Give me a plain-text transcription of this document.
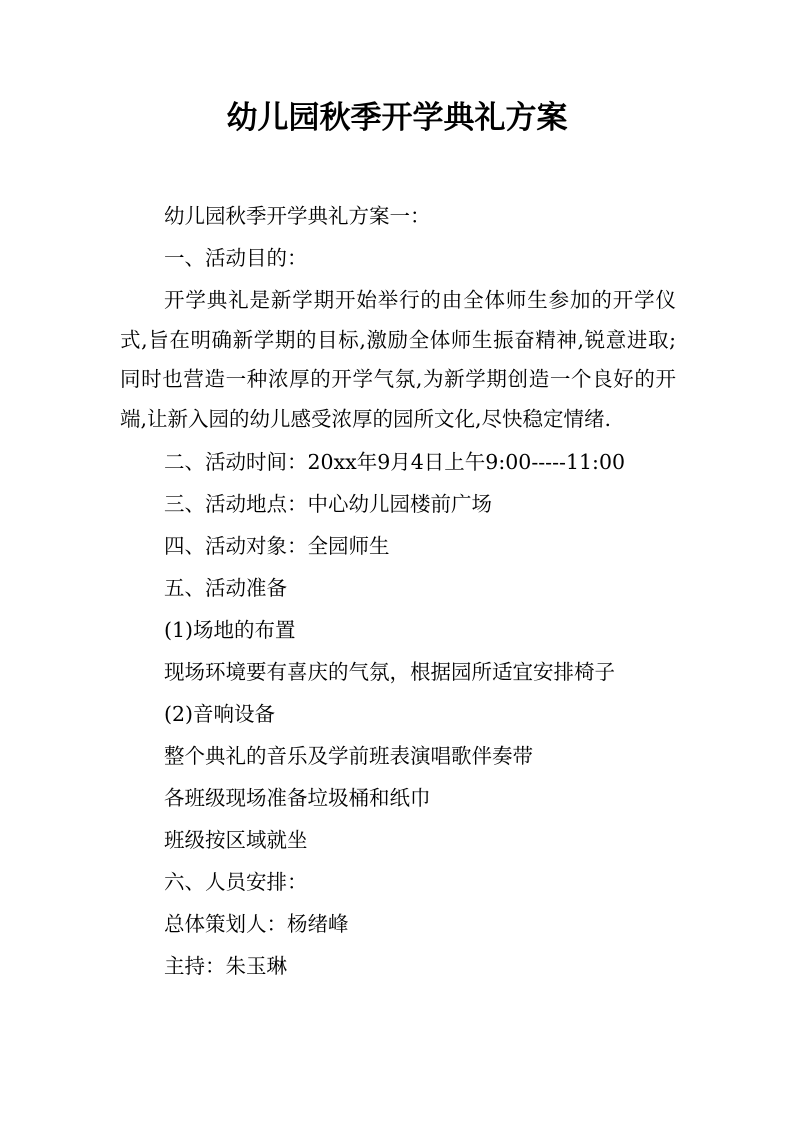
幼儿园秋季开学典礼方案

幼儿园秋季开学典礼方案一：

一、活动目的：

开学典礼是新学期开始举行的由全体师生参加的开学仪式,旨在明确新学期的目标,激励全体师生振奋精神,锐意进取;同时也营造一种浓厚的开学气氛,为新学期创造一个良好的开端,让新入园的幼儿感受浓厚的园所文化,尽快稳定情绪.

二、活动时间：20xx年9月4日上午9:00-----11:00

三、活动地点：中心幼儿园楼前广场

四、活动对象：全园师生

五、活动准备

(1)场地的布置

现场环境要有喜庆的气氛，根据园所适宜安排椅子

(2)音响设备

整个典礼的音乐及学前班表演唱歌伴奏带

各班级现场准备垃圾桶和纸巾

班级按区域就坐

六、人员安排：

总体策划人：杨绪峰

主持：朱玉琳
